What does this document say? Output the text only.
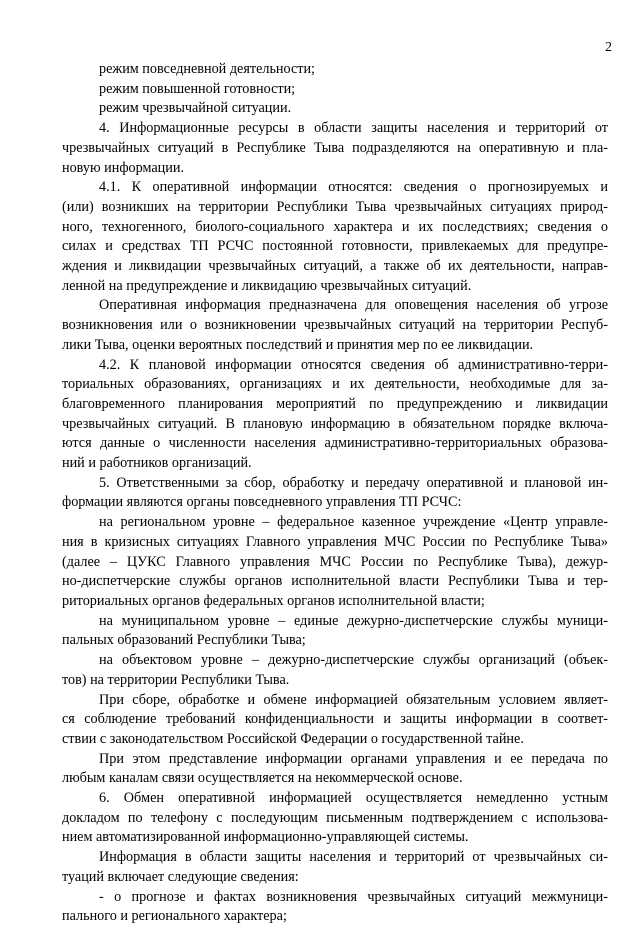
2
режим повседневной деятельности;
режим повышенной готовности;
режим чрезвычайной ситуации.
4. Информационные ресурсы в области защиты населения и территорий от
чрезвычайных ситуаций в Республике Тыва подразделяются на оперативную и пла-
новую информации.
4.1. К оперативной информации относятся: сведения о прогнозируемых и
(или) возникших на территории Республики Тыва чрезвычайных ситуациях природ-
ного, техногенного, биолого-социального характера и их последствиях; сведения о
силах и средствах ТП РСЧС постоянной готовности, привлекаемых для предупре-
ждения и ликвидации чрезвычайных ситуаций, а также об их деятельности, направ-
ленной на предупреждение и ликвидацию чрезвычайных ситуаций.
Оперативная информация предназначена для оповещения населения об угрозе
возникновения или о возникновении чрезвычайных ситуаций на территории Респуб-
лики Тыва, оценки вероятных последствий и принятия мер по ее ликвидации.
4.2. К плановой информации относятся сведения об административно-терри-
ториальных образованиях, организациях и их деятельности, необходимые для за-
благовременного планирования мероприятий по предупреждению и ликвидации
чрезвычайных ситуаций. В плановую информацию в обязательном порядке включа-
ются данные о численности населения административно-территориальных образова-
ний и работников организаций.
5. Ответственными за сбор, обработку и передачу оперативной и плановой ин-
формации являются органы повседневного управления ТП РСЧС:
на региональном уровне – федеральное казенное учреждение «Центр управле-
ния в кризисных ситуациях Главного управления МЧС России по Республике Тыва»
(далее – ЦУКС Главного управления МЧС России по Республике Тыва), дежур-
но-диспетчерские службы органов исполнительной власти Республики Тыва и тер-
риториальных органов федеральных органов исполнительной власти;
на муниципальном уровне – единые дежурно-диспетчерские службы муници-
пальных образований Республики Тыва;
на объектовом уровне – дежурно-диспетчерские службы организаций (объек-
тов) на территории Республики Тыва.
При сборе, обработке и обмене информацией обязательным условием являет-
ся соблюдение требований конфиденциальности и защиты информации в соответ-
ствии с законодательством Российской Федерации о государственной тайне.
При этом представление информации органами управления и ее передача по
любым каналам связи осуществляется на некоммерческой основе.
6. Обмен оперативной информацией осуществляется немедленно устным
докладом по телефону с последующим письменным подтверждением с использова-
нием автоматизированной информационно-управляющей системы.
Информация в области защиты населения и территорий от чрезвычайных си-
туаций включает следующие сведения:
- о прогнозе и фактах возникновения чрезвычайных ситуаций межмуници-
пального и регионального характера;
